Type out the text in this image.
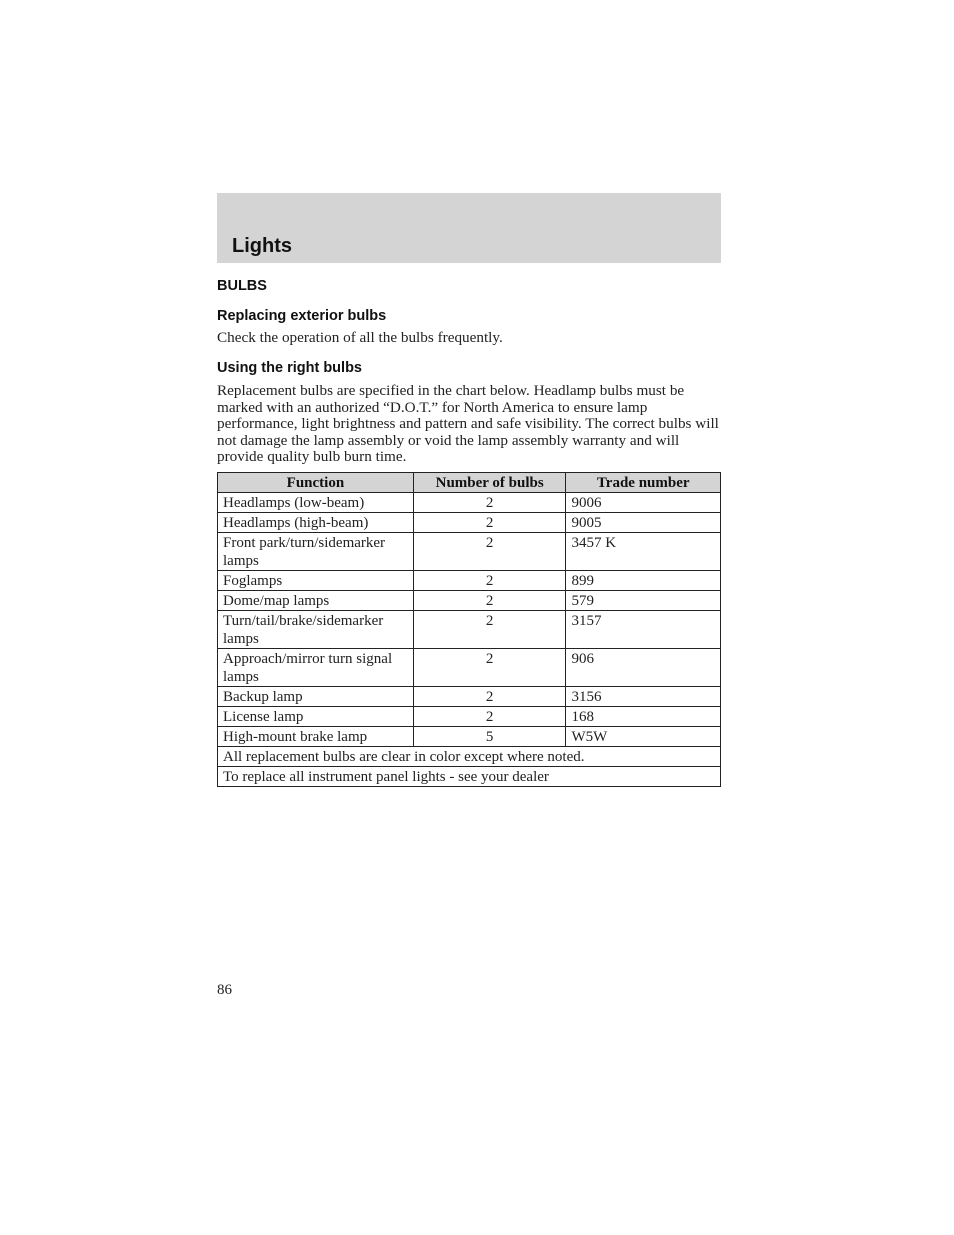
Lights

BULBS

Replacing exterior bulbs

Check the operation of all the bulbs frequently.

Using the right bulbs

Replacement bulbs are specified in the chart below. Headlamp bulbs must be marked with an authorized “D.O.T.” for North America to ensure lamp performance, light brightness and pattern and safe visibility. The correct bulbs will not damage the lamp assembly or void the lamp assembly warranty and will provide quality bulb burn time.

Function	Number of bulbs	Trade number
Headlamps (low-beam)	2	9006
Headlamps (high-beam)	2	9005
Front park/turn/sidemarker lamps	2	3457 K
Foglamps	2	899
Dome/map lamps	2	579
Turn/tail/brake/sidemarker lamps	2	3157
Approach/mirror turn signal lamps	2	906
Backup lamp	2	3156
License lamp	2	168
High-mount brake lamp	5	W5W
All replacement bulbs are clear in color except where noted.		
To replace all instrument panel lights - see your dealer		
86
